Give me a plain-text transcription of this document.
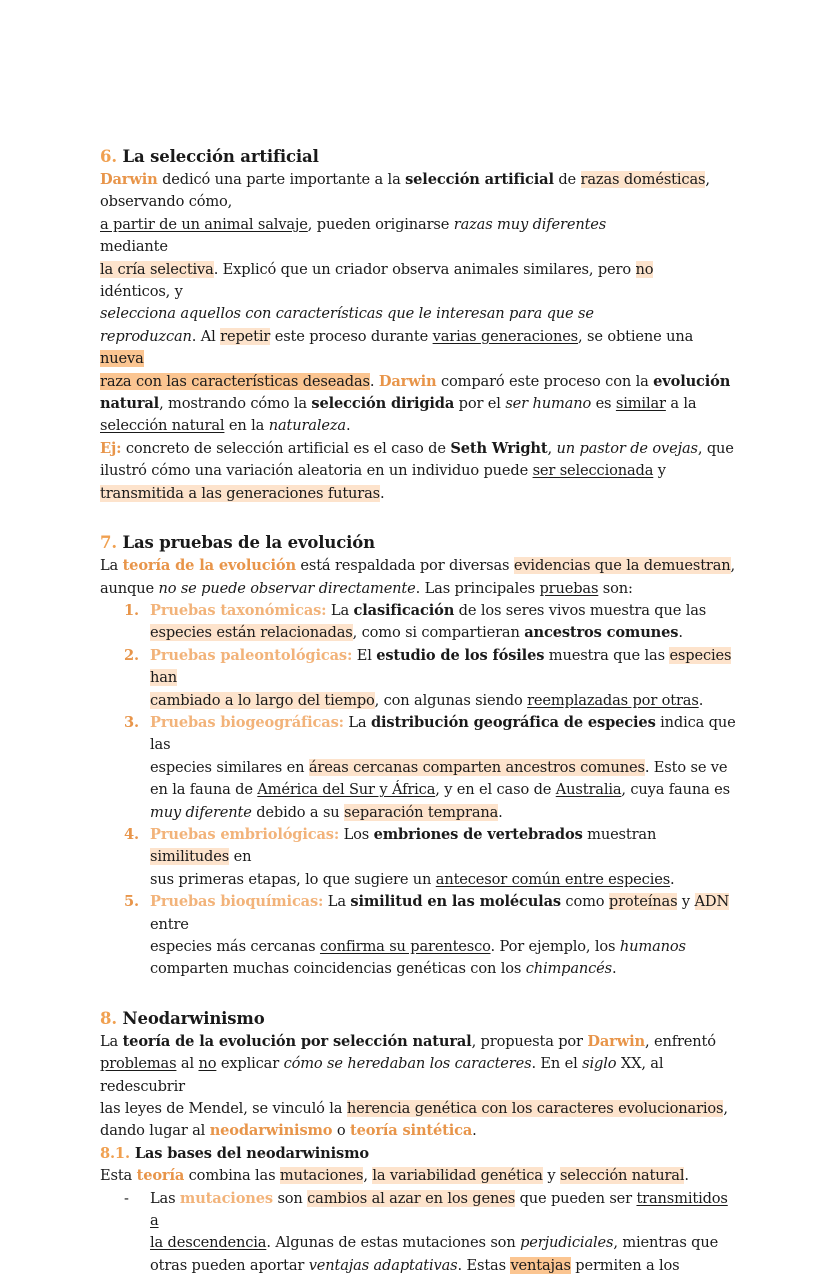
6. La selección artificial

Darwin dedicó una parte importante a la selección artificial de razas domésticas,
observando cómo,
a partir de un animal salvaje, pueden originarse razas muy diferentes
mediante
la cría selectiva. Explicó que un criador observa animales similares, pero no
idénticos, y
selecciona aquellos con características que le interesan para que se
reproduzcan. Al repetir este proceso durante varias generaciones, se obtiene una nueva
raza con las características deseadas. Darwin comparó este proceso con la evolución
natural, mostrando cómo la selección dirigida por el ser humano es similar a la
selección natural en la naturaleza.

Ej: concreto de selección artificial es el caso de Seth Wright, un pastor de ovejas, que
ilustró cómo una variación aleatoria en un individuo puede ser seleccionada y
transmitida a las generaciones futuras.

7. Las pruebas de la evolución

La teoría de la evolución está respaldada por diversas evidencias que la demuestran,
aunque no se puede observar directamente. Las principales pruebas son:

1. Pruebas taxonómicas: La clasificación de los seres vivos muestra que las
especies están relacionadas, como si compartieran ancestros comunes.
2. Pruebas paleontológicas: El estudio de los fósiles muestra que las especies han
cambiado a lo largo del tiempo, con algunas siendo reemplazadas por otras.
3. Pruebas biogeográficas: La distribución geográfica de especies indica que las
especies similares en áreas cercanas comparten ancestros comunes. Esto se ve
en la fauna de América del Sur y África, y en el caso de Australia, cuya fauna es
muy diferente debido a su separación temprana.
4. Pruebas embriológicas: Los embriones de vertebrados muestran similitudes en
sus primeras etapas, lo que sugiere un antecesor común entre especies.
5. Pruebas bioquímicas: La similitud en las moléculas como proteínas y ADN entre
especies más cercanas confirma su parentesco. Por ejemplo, los humanos
comparten muchas coincidencias genéticas con los chimpancés.
8. Neodarwinismo

La teoría de la evolución por selección natural, propuesta por Darwin, enfrentó
problemas al no explicar cómo se heredaban los caracteres. En el siglo XX, al redescubrir
las leyes de Mendel, se vinculó la herencia genética con los caracteres evolucionarios,
dando lugar al neodarwinismo o teoría sintética.

8.1. Las bases del neodarwinismo

Esta teoría combina las mutaciones, la variabilidad genética y selección natural.

- Las mutaciones son cambios al azar en los genes que pueden ser transmitidos a
la descendencia. Algunas de estas mutaciones son perjudiciales, mientras que
otras pueden aportar ventajas adaptativas. Estas ventajas permiten a los
